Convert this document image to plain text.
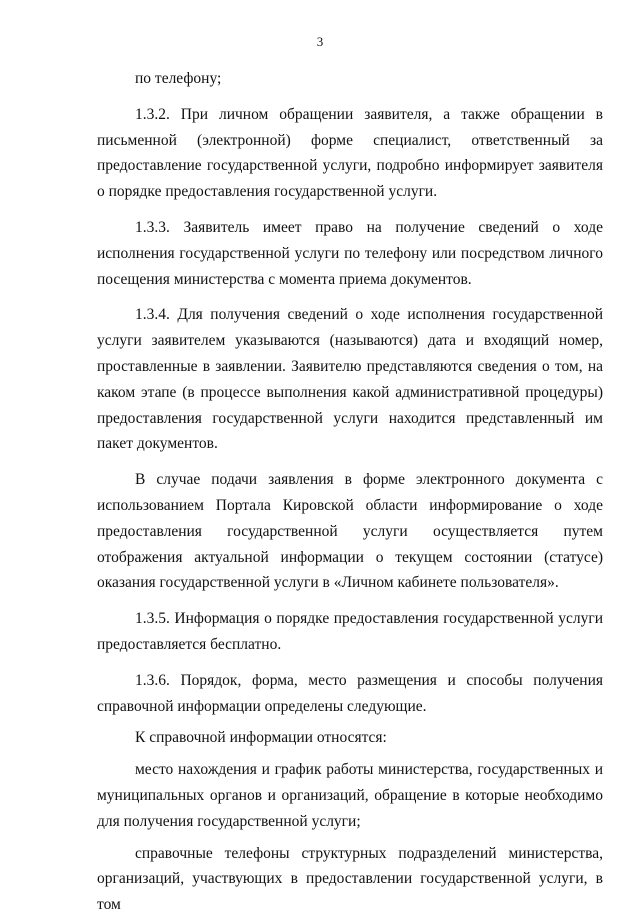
3

по телефону;

1.3.2. При личном обращении заявителя, а также обращении в письменной (электронной) форме специалист, ответственный за предоставление государственной услуги, подробно информирует заявителя о порядке предоставления государственной услуги.

1.3.3. Заявитель имеет право на получение сведений о ходе исполнения государственной услуги по телефону или посредством личного посещения министерства с момента приема документов.

1.3.4. Для получения сведений о ходе исполнения государственной услуги заявителем указываются (называются) дата и входящий номер, проставленные в заявлении. Заявителю представляются сведения о том, на каком этапе (в процессе выполнения какой административной процедуры) предоставления государственной услуги находится представленный им пакет документов.

В случае подачи заявления в форме электронного документа с использованием Портала Кировской области информирование о ходе предоставления государственной услуги осуществляется путем отображения актуальной информации о текущем состоянии (статусе) оказания государственной услуги в «Личном кабинете пользователя».

1.3.5. Информация о порядке предоставления государственной услуги предоставляется бесплатно.

1.3.6. Порядок, форма, место размещения и способы получения справочной информации определены следующие.

К справочной информации относятся:

место нахождения и график работы министерства, государственных и муниципальных органов и организаций, обращение в которые необходимо для получения государственной услуги;

справочные телефоны структурных подразделений министерства, организаций, участвующих в предоставлении государственной услуги, в том
